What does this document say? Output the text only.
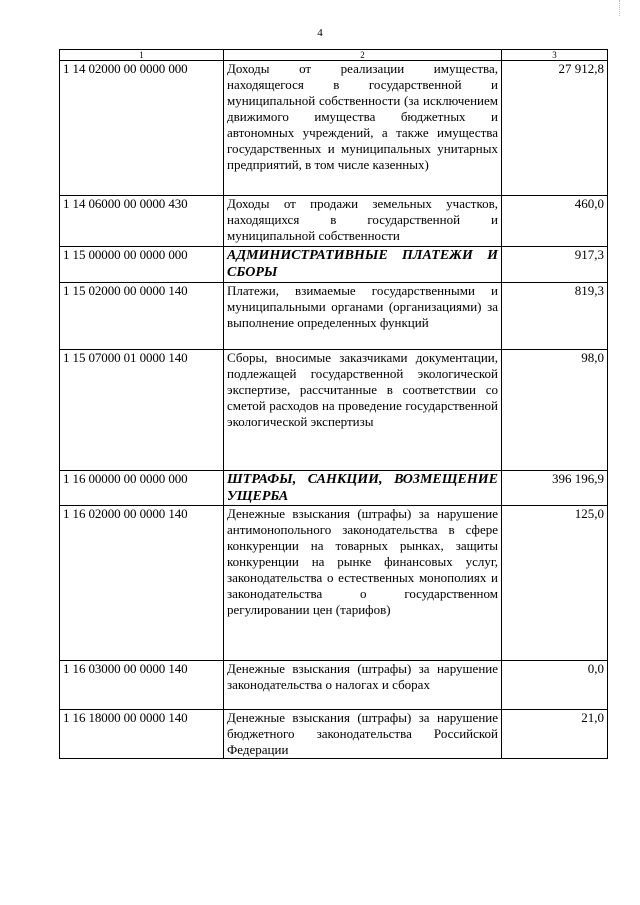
4
1	2	3
1 14 02000 00 0000 000	Доходы от реализации имущества, находящегося в государственной и муниципальной собственности (за исключением движимого имущества бюджетных и автономных учреждений, а также имущества государственных и муниципальных унитарных предприятий, в том числе казенных)	27 912,8
1 14 06000 00 0000 430	Доходы от продажи земельных участков, находящихся в государственной и муниципальной собственности	460,0
1 15 00000 00 0000 000	АДМИНИСТРАТИВНЫЕ ПЛАТЕЖИ И СБОРЫ	917,3
1 15 02000 00 0000 140	Платежи, взимаемые государственными и муниципальными органами (организациями) за выполнение определенных функций	819,3
1 15 07000 01 0000 140	Сборы, вносимые заказчиками документации, подлежащей государственной экологической экспертизе, рассчитанные в соответствии со сметой расходов на проведение государственной экологической экспертизы	98,0
1 16 00000 00 0000 000	ШТРАФЫ, САНКЦИИ, ВОЗМЕЩЕНИЕ УЩЕРБА	396 196,9
1 16 02000 00 0000 140	Денежные взыскания (штрафы) за нарушение антимонопольного законодательства в сфере конкуренции на товарных рынках, защиты конкуренции на рынке финансовых услуг, законодательства о естественных монополиях и законодательства о государственном регулировании цен (тарифов)	125,0
1 16 03000 00 0000 140	Денежные взыскания (штрафы) за нарушение законодательства о налогах и сборах	0,0
1 16 18000 00 0000 140	Денежные взыскания (штрафы) за нарушение бюджетного законодательства Российской Федерации	21,0
